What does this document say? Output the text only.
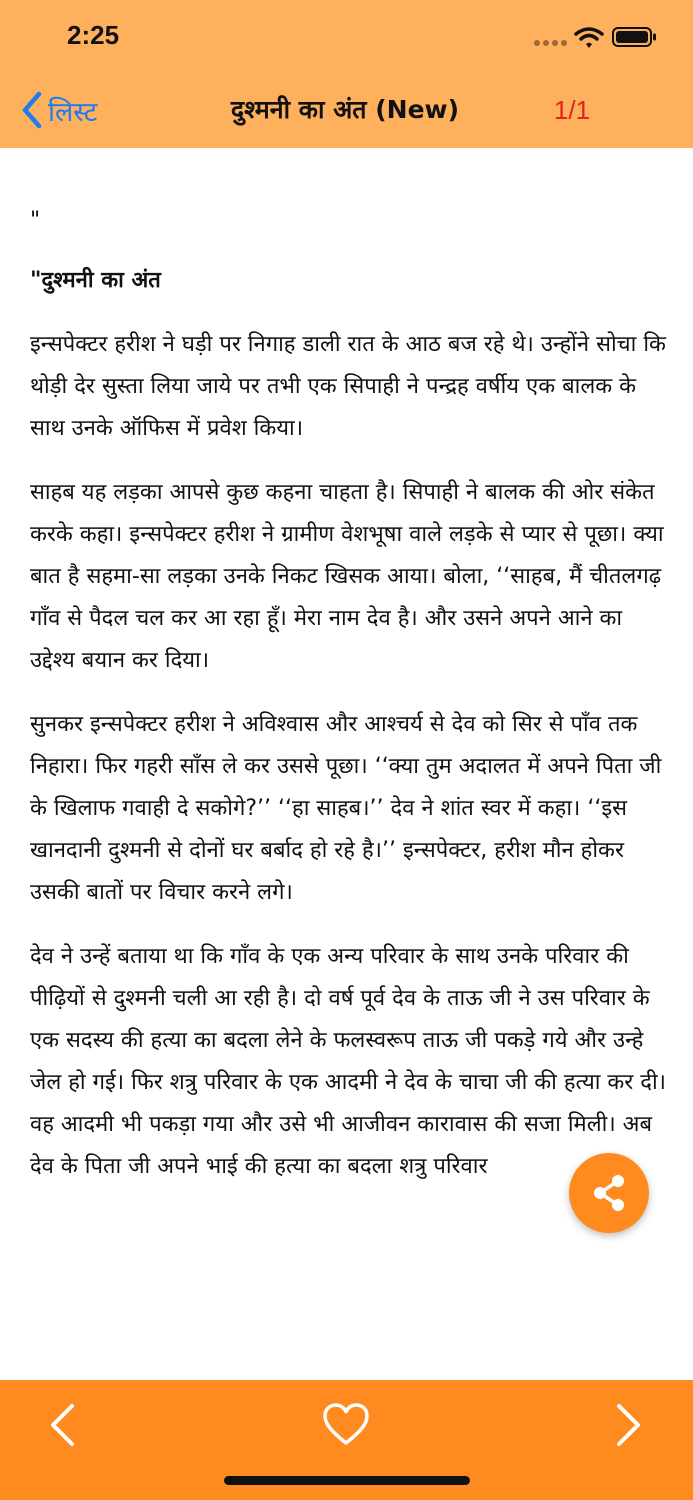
2:25
लिस्ट	दुश्मनी का अंत (New)	1/1

"

"दुश्मनी का अंत

इन्सपेक्टर हरीश ने घड़ी पर निगाह डाली रात के आठ बज रहे थे। उन्होंने सोचा कि थोड़ी देर सुस्ता लिया जाये पर तभी एक सिपाही ने पन्द्रह वर्षीय एक बालक के साथ उनके ऑफिस में प्रवेश किया।

साहब यह लड़का आपसे कुछ कहना चाहता है। सिपाही ने बालक की ओर संकेत करके कहा। इन्सपेक्टर हरीश ने ग्रामीण वेशभूषा वाले लड़के से प्यार से पूछा। क्या बात है सहमा-सा लड़का उनके निकट खिसक आया। बोला, ‘‘साहब, मैं चीतलगढ़ गाँव से पैदल चल कर आ रहा हूँ। मेरा नाम देव है। और उसने अपने आने का उद्देश्य बयान कर दिया।

सुनकर इन्सपेक्टर हरीश ने अविश्वास और आश्चर्य से देव को सिर से पाँव तक निहारा। फिर गहरी साँस ले कर उससे पूछा। ‘‘क्या तुम अदालत में अपने पिता जी के खिलाफ गवाही दे सकोगे?’’ ‘‘हा साहब।’’ देव ने शांत स्वर में कहा। ‘‘इस खानदानी दुश्मनी से दोनों घर बर्बाद हो रहे है।’’ इन्सपेक्टर, हरीश मौन होकर उसकी बातों पर विचार करने लगे।

देव ने उन्हें बताया था कि गाँव के एक अन्य परिवार के साथ उनके परिवार की पीढ़ियों से दुश्मनी चली आ रही है। दो वर्ष पूर्व देव के ताऊ जी ने उस परिवार के एक सदस्य की हत्या का बदला लेने के फलस्वरूप ताऊ जी पकड़े गये और उन्हे जेल हो गई। फिर शत्रु परिवार के एक आदमी ने देव के चाचा जी की हत्या कर दी। वह आदमी भी पकड़ा गया और उसे भी आजीवन कारावास की सजा मिली। अब देव के पिता जी अपने भाई की हत्या का बदला शत्रु परिवार
